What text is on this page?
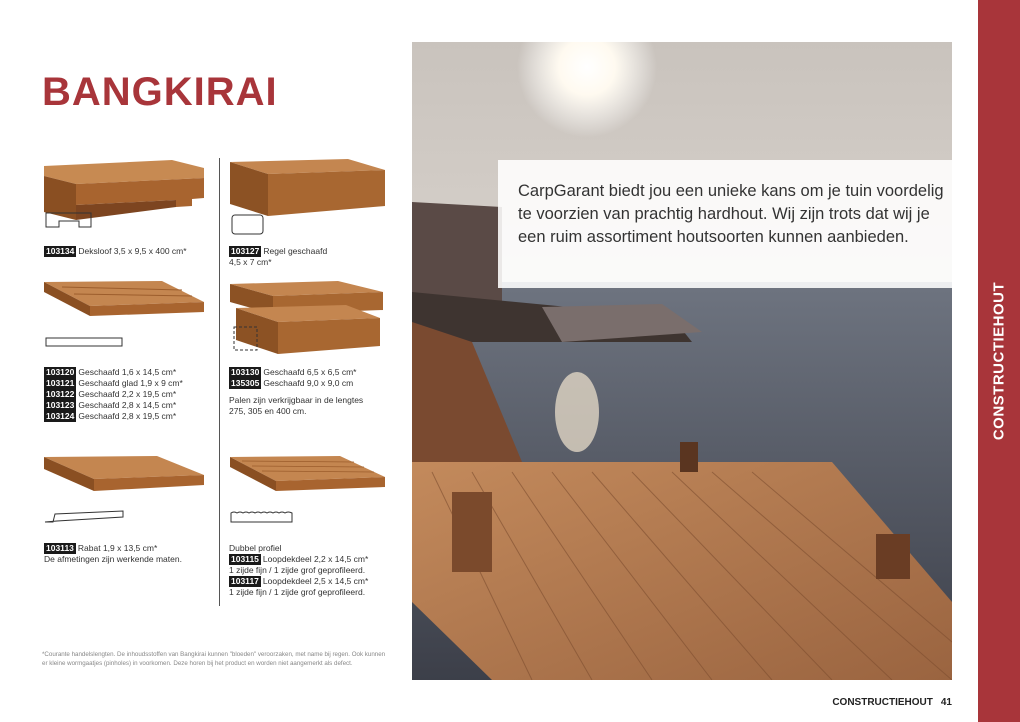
BANGKIRAI
103134 Deksloof 3,5 x 9,5 x 400 cm*	103127 Regel geschaafd
4,5 x 7 cm*
103120 Geschaafd 1,6 x 14,5 cm*
103121 Geschaafd glad 1,9 x 9 cm*
103122 Geschaafd 2,2 x 19,5 cm*
103123 Geschaafd 2,8 x 14,5 cm*
103124 Geschaafd 2,8 x 19,5 cm*
103130 Geschaafd 6,5 x 6,5 cm*
135305 Geschaafd 9,0 x 9,0 cm
Palen zijn verkrijgbaar in de lengtes
275, 305 en 400 cm.
103113 Rabat 1,9 x 13,5 cm*
De afmetingen zijn werkende maten.
Dubbel profiel
103115 Loopdekdeel 2,2 x 14,5 cm*
1 zijde fijn / 1 zijde grof geprofileerd.
103117 Loopdekdeel 2,5 x 14,5 cm*
1 zijde fijn / 1 zijde grof geprofileerd.
*Courante handelslengten. De inhoudsstoffen van Bangkirai kunnen "bloeden" veroorzaken, met name bij regen. Ook kunnen er kleine wormgaatjes (pinholes) in voorkomen. Deze horen bij het product en worden niet aangemerkt als defect.
CarpGarant biedt jou een unieke kans om je tuin voordelig te voorzien van prachtig hardhout. Wij zijn trots dat wij je een ruim assortiment houtsoorten kunnen aanbieden.
CONSTRUCTIEHOUT
CONSTRUCTIEHOUT 41
